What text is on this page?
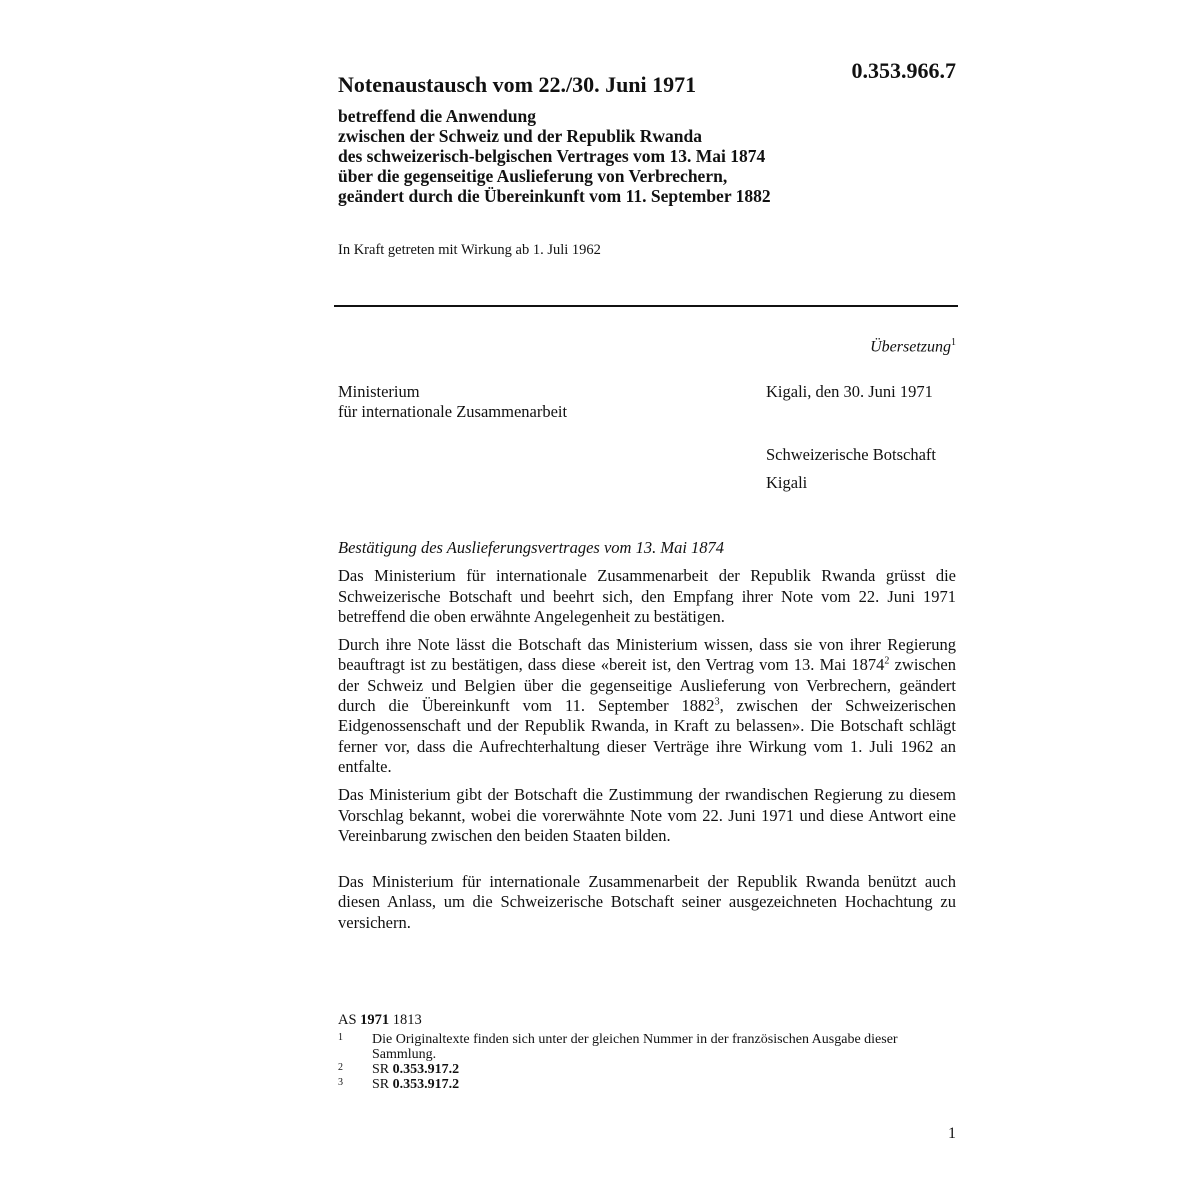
0.353.966.7
Notenaustausch vom 22./30. Juni 1971
betreffend die Anwendung
zwischen der Schweiz und der Republik Rwanda
des schweizerisch-belgischen Vertrages vom 13. Mai 1874
über die gegenseitige Auslieferung von Verbrechern,
geändert durch die Übereinkunft vom 11. September 1882
In Kraft getreten mit Wirkung ab 1. Juli 1962
Übersetzung$^1$
Ministerium
für internationale Zusammenarbeit
Kigali, den 30. Juni 1971
Schweizerische Botschaft
Kigali

Bestätigung des Auslieferungsvertrages vom 13. Mai 1874

Das Ministerium für internationale Zusammenarbeit der Republik Rwanda grüsst die Schweizerische Botschaft und beehrt sich, den Empfang ihrer Note vom 22. Juni 1971 betreffend die oben erwähnte Angelegenheit zu bestätigen.

Durch ihre Note lässt die Botschaft das Ministerium wissen, dass sie von ihrer Regierung beauftragt ist zu bestätigen, dass diese «bereit ist, den Vertrag vom 13. Mai 1874$^2$ zwischen der Schweiz und Belgien über die gegenseitige Auslieferung von Verbrechern, geändert durch die Übereinkunft vom 11. September 1882$^3$, zwischen der Schweizerischen Eidgenossenschaft und der Republik Rwanda, in Kraft zu belassen». Die Botschaft schlägt ferner vor, dass die Aufrechterhaltung dieser Verträge ihre Wirkung vom 1. Juli 1962 an entfalte.

Das Ministerium gibt der Botschaft die Zustimmung der rwandischen Regierung zu diesem Vorschlag bekannt, wobei die vorerwähnte Note vom 22. Juni 1971 und diese Antwort eine Vereinbarung zwischen den beiden Staaten bilden.

Das Ministerium für internationale Zusammenarbeit der Republik Rwanda benützt auch diesen Anlass, um die Schweizerische Botschaft seiner ausgezeichneten Hochachtung zu versichern.

AS 1971 1813
1	Die Originaltexte finden sich unter der gleichen Nummer in der französischen Ausgabe dieser Sammlung.
2	SR 0.353.917.2
3	SR 0.353.917.2
1
